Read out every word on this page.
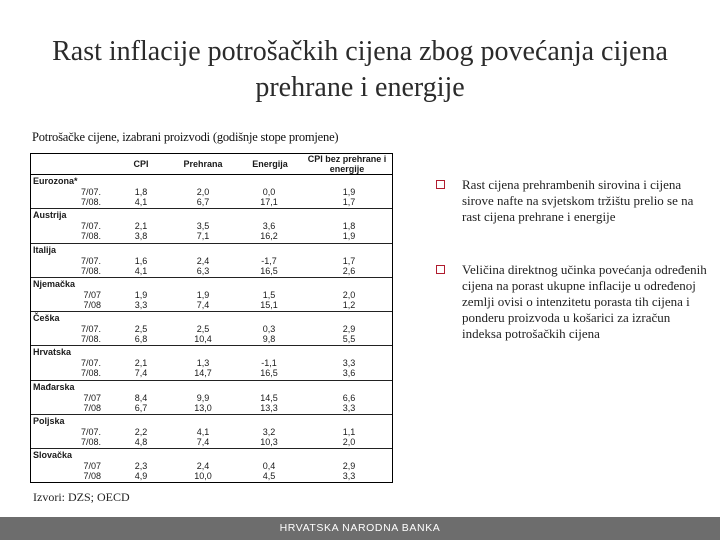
Rast inflacije potrošačkih cijena zbog povećanja cijena prehrane i energije
Potrošačke cijene, izabrani proizvodi (godišnje stope promjene)
CPI	Prehrana	Energija	CPI bez prehrane i energije
Eurozona*
7/07.	1,8	2,0	0,0	1,9
7/08.	4,1	6,7	17,1	1,7
Austrija
7/07.	2,1	3,5	3,6	1,8
7/08.	3,8	7,1	16,2	1,9
Italija
7/07.	1,6	2,4	-1,7	1,7
7/08.	4,1	6,3	16,5	2,6
Njemačka
7/07	1,9	1,9	1,5	2,0
7/08	3,3	7,4	15,1	1,2
Češka
7/07.	2,5	2,5	0,3	2,9
7/08.	6,8	10,4	9,8	5,5
Hrvatska
7/07.	2,1	1,3	-1,1	3,3
7/08.	7,4	14,7	16,5	3,6
Mađarska
7/07	8,4	9,9	14,5	6,6
7/08	6,7	13,0	13,3	3,3
Poljska
7/07.	2,2	4,1	3,2	1,1
7/08.	4,8	7,4	10,3	2,0
Slovačka
7/07	2,3	2,4	0,4	2,9
7/08	4,9	10,0	4,5	3,3
Izvori: DZS; OECD
Rast cijena prehrambenih sirovina i cijena sirove nafte na svjetskom tržištu prelio se na rast cijena prehrane i energije
Veličina direktnog učinka povećanja određenih cijena na porast ukupne inflacije u određenoj zemlji ovisi o intenzitetu porasta tih cijena i ponderu proizvoda u košarici za izračun indeksa potrošačkih cijena
HRVATSKA NARODNA BANKA
